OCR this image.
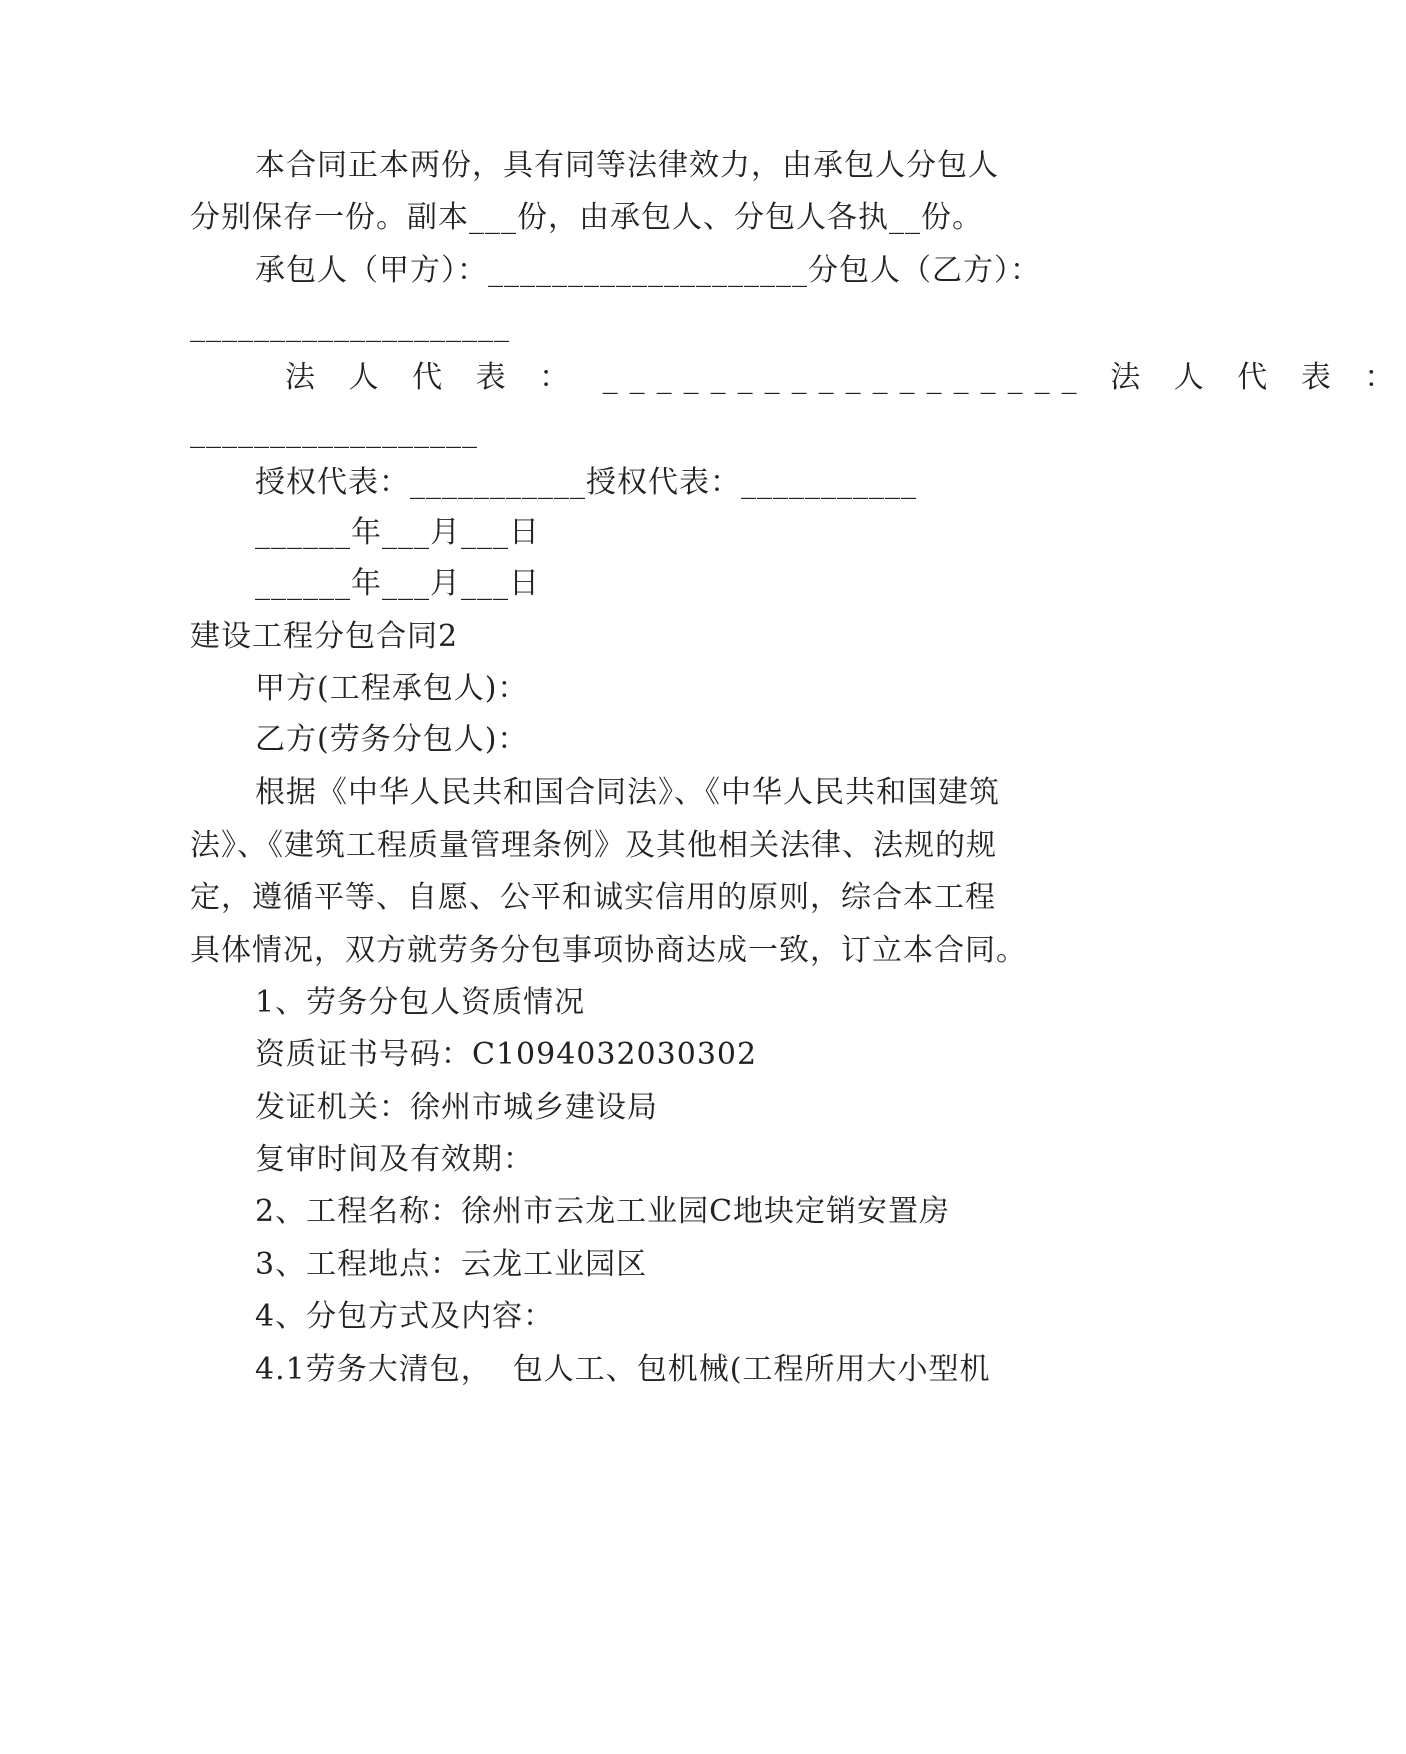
本合同正本两份，具有同等法律效力，由承包人分包人
分别保存一份。副本___份，由承包人、分包人各执__份。
承包人（甲方）：____________________分包人（乙方）：
____________________
法 人 代 表 ： __________________ 法 人 代 表 ：
__________________
授权代表：___________授权代表：___________
______年___月___日
______年___月___日
建设工程分包合同2
甲方(工程承包人)：
乙方(劳务分包人)：
根据《中华人民共和国合同法》、《中华人民共和国建筑
法》、《建筑工程质量管理条例》及其他相关法律、法规的规
定，遵循平等、自愿、公平和诚实信用的原则，综合本工程
具体情况，双方就劳务分包事项协商达成一致，订立本合同。
1、劳务分包人资质情况
资质证书号码：C1094032030302
发证机关：徐州市城乡建设局
复审时间及有效期：
2、工程名称：徐州市云龙工业园C地块定销安置房
3、工程地点：云龙工业园区
4、分包方式及内容：
4.1劳务大清包，  包人工、包机械(工程所用大小型机
